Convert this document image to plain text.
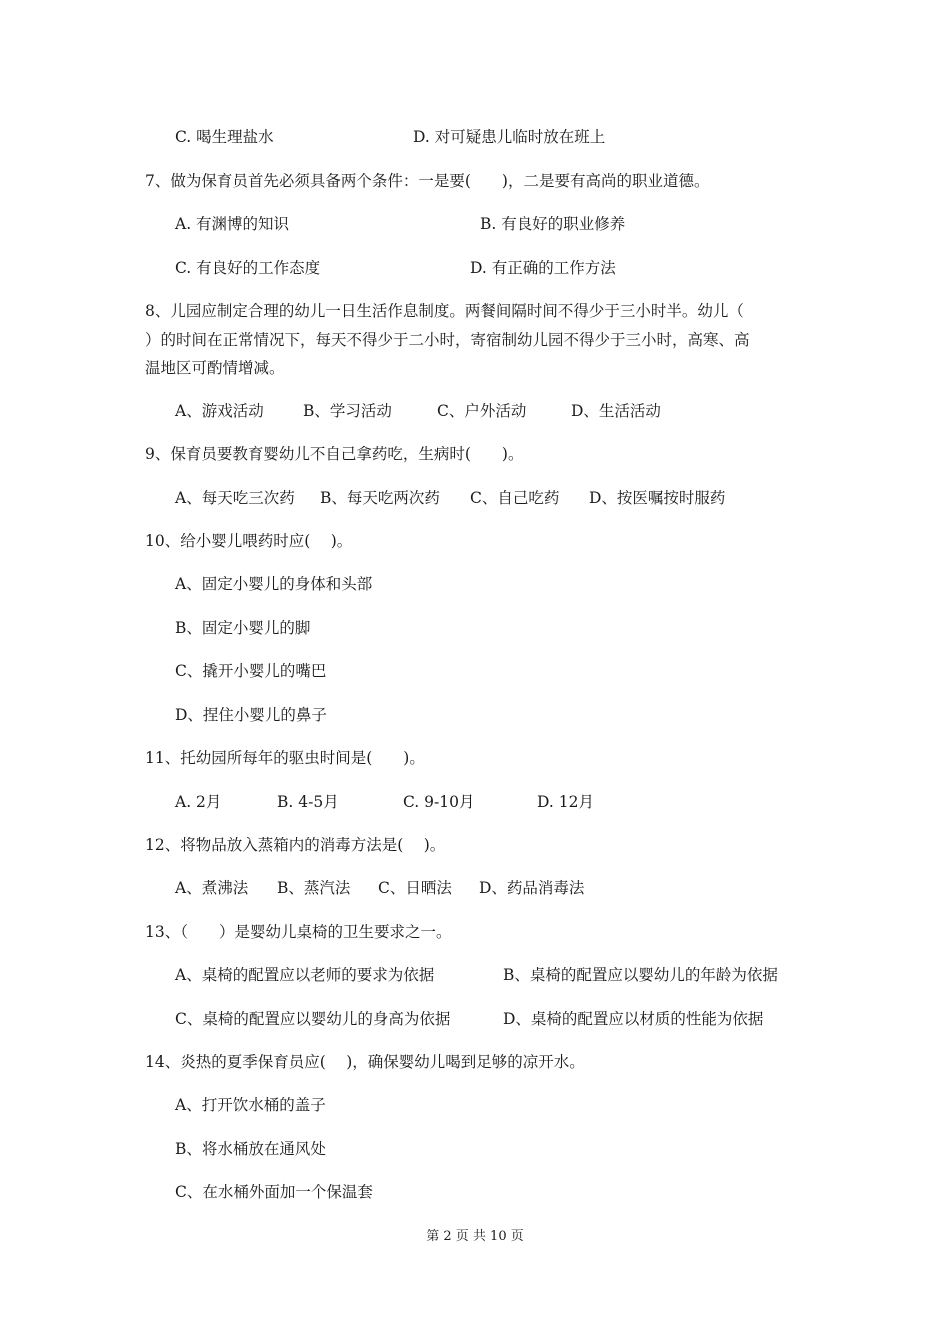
C. 喝生理盐水	D. 对可疑患儿临时放在班上
7、做为保育员首先必须具备两个条件：一是要(　　)，二是要有高尚的职业道德。
A. 有渊博的知识	B. 有良好的职业修养
C. 有良好的工作态度	D. 有正确的工作方法
8、儿园应制定合理的幼儿一日生活作息制度。两餐间隔时间不得少于三小时半。幼儿（
）的时间在正常情况下，每天不得少于二小时，寄宿制幼儿园不得少于三小时，高寒、高
温地区可酌情增减。
A、游戏活动	B、学习活动	C、户外活动	D、生活活动
9、保育员要教育婴幼儿不自己拿药吃，生病时(　　)。
A、每天吃三次药 B、每天吃两次药 C、自己吃药 D、按医嘱按时服药
10、给小婴儿喂药时应(　 )。
A、固定小婴儿的身体和头部
B、固定小婴儿的脚
C、撬开小婴儿的嘴巴
D、捏住小婴儿的鼻子
11、托幼园所每年的驱虫时间是(　　)。
A. 2月	B. 4-5月	C. 9-10月	D. 12月
12、将物品放入蒸箱内的消毒方法是(　 )。
A、煮沸法 B、蒸汽法 C、日晒法 D、药品消毒法
13、（　　）是婴幼儿桌椅的卫生要求之一。
A、桌椅的配置应以老师的要求为依据	B、桌椅的配置应以婴幼儿的年龄为依据
C、桌椅的配置应以婴幼儿的身高为依据	D、桌椅的配置应以材质的性能为依据
14、炎热的夏季保育员应(　 )，确保婴幼儿喝到足够的凉开水。
A、打开饮水桶的盖子
B、将水桶放在通风处
C、在水桶外面加一个保温套
第 2 页 共 10 页
